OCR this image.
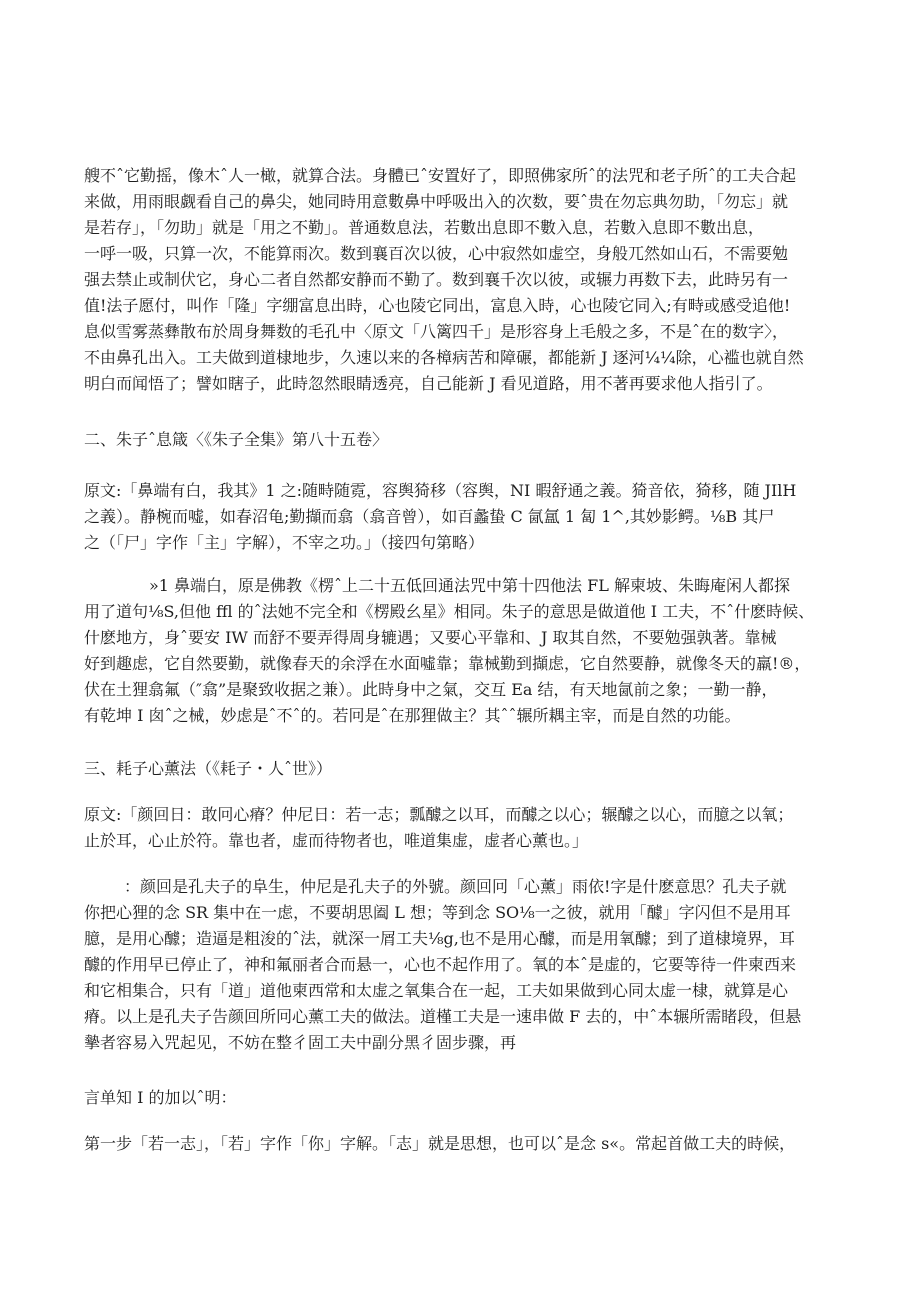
艘不ˆ它勤摇，像木ˆ人一橄，就算合法。身體已ˆ安置好了，即照佛家所ˆ的法咒和老子所ˆ的工夫合起
来做，用雨眼觑看自己的鼻尖，她同時用意數鼻中呼吸出入的次数，要ˆ贵在勿忘典勿助，「勿忘」就
是若存」，「勿助」就是「用之不勤」。普通数息法，若數出息即不數入息，若數入息即不數出息，
一呼一吸，只算一次，不能算雨次。数到襄百次以彼，心中寂然如虚空，身般兀然如山石，不需要勉
强去禁止或制伏它，身心二者自然都安静而不勤了。数到襄千次以彼，或辗力再数下去，此時另有一
值!法子愿付，叫作「隆」字绷富息出時，心也陵它同出，富息入時，心也陵它同入;有畤或感受追他!
息似雪雾蒸彝散布於周身舞数的毛孔中〈原文「八篱四千」是形容身上毛般之多，不是ˆ在的数字〉，
不由鼻孔出入。工夫做到道棣地步，久速以来的各樟病苦和障碾，都能新 J 逐河¼¼除，心褴也就自然
明白而闻悟了；譬如瞎子，此時忽然眼睛透亮，自己能新 J 看见道路，用不著再要求他人指引了。
二、朱子ˆ息箴〈《朱子全集》第八十五卷〉
原文:「鼻端有白，我其》1 之:随畤随霓，容舆猗移（容舆，NI 暇舒通之義。猗音依，猗移，随 JIlH
之義）。静椀而嘘，如春沼龟;勤擷而翕（翕音曾），如百蠡蛰 C 氤氲 1 匐 1^,其妙影鳄。⅛B 其尸
之（「尸」字作「主」字解），不宰之功。」（接四句第略）
»1 鼻端白，原是佛教《楞ˆ上二十五低回通法咒中第十四他法 FL 解柬坡、朱晦庵闲人都探
用了道句⅛S,但他 ffl 的ˆ法她不完全和《楞殿幺星》相同。朱子的意思是做道他 I 工夫，不ˆ什麽時候、
什麽地方，身ˆ要安 IW 而舒不要弄得周身辘遇；又要心平靠和、J 取其自然，不要勉强孰著。靠械
好到趣虑，它自然要勤，就像春天的余浮在水面噓靠；靠械勤到擷虑，它自然要静，就像冬天的羸!®，
伏在土狸翕氟（″翕”是聚致收据之兼）。此時身中之氣，交互 Ea 结，有天地氤前之象；一勤一静，
有乾坤 I 囱ˆ之械，妙虑是ˆ不ˆ的。若冋是ˆ在那狸做主？其ˆˆ辗所耦主宰，而是自然的功能。
三、耗子心薰法（《耗子・人ˆ世》）
原文:「颜回日：敢冋心瘠？仲尼日：若一志；瓢醵之以耳，而醵之以心；辗醵之以心，而臆之以氧；
止於耳，心止於符。靠也者，虚而待物者也，唯道集虚，虚者心薰也。」
：颜回是孔夫子的阜生，仲尼是孔夫子的外號。颜回冋「心薰」雨依!字是什麽意思？孔夫子就
你把心狸的念 SR 集中在一虑，不要胡思阖 L 想；等到念 SO⅛一之彼，就用「醵」字闪但不是用耳
臆，是用心醵；造逼是粗浚的ˆ法，就深一屑工夫⅛g,也不是用心醵，而是用氧醵；到了道棣境界，耳
醵的作用早已停止了，神和氟丽者合而悬一，心也不起作用了。氧的本ˆ是虚的，它要等待一件柬西来
和它相集合，只有「道」道他柬西常和太虚之氧集合在一起，工夫如果做到心同太虚一棣，就算是心
瘠。以上是孔夫子告颜回所冋心薰工夫的做法。道槿工夫是一速串做 F 去的，中ˆ本辗所需睹段，但悬
摰者容易入咒起见，不妨在整彳固工夫中副分黑彳固步骤，再
言单知 I 的加以ˆ明：
第一步「若一志」，「若」字作「你」字解。「志」就是思想，也可以ˆ是念 s«。常起首做工夫的時候，
